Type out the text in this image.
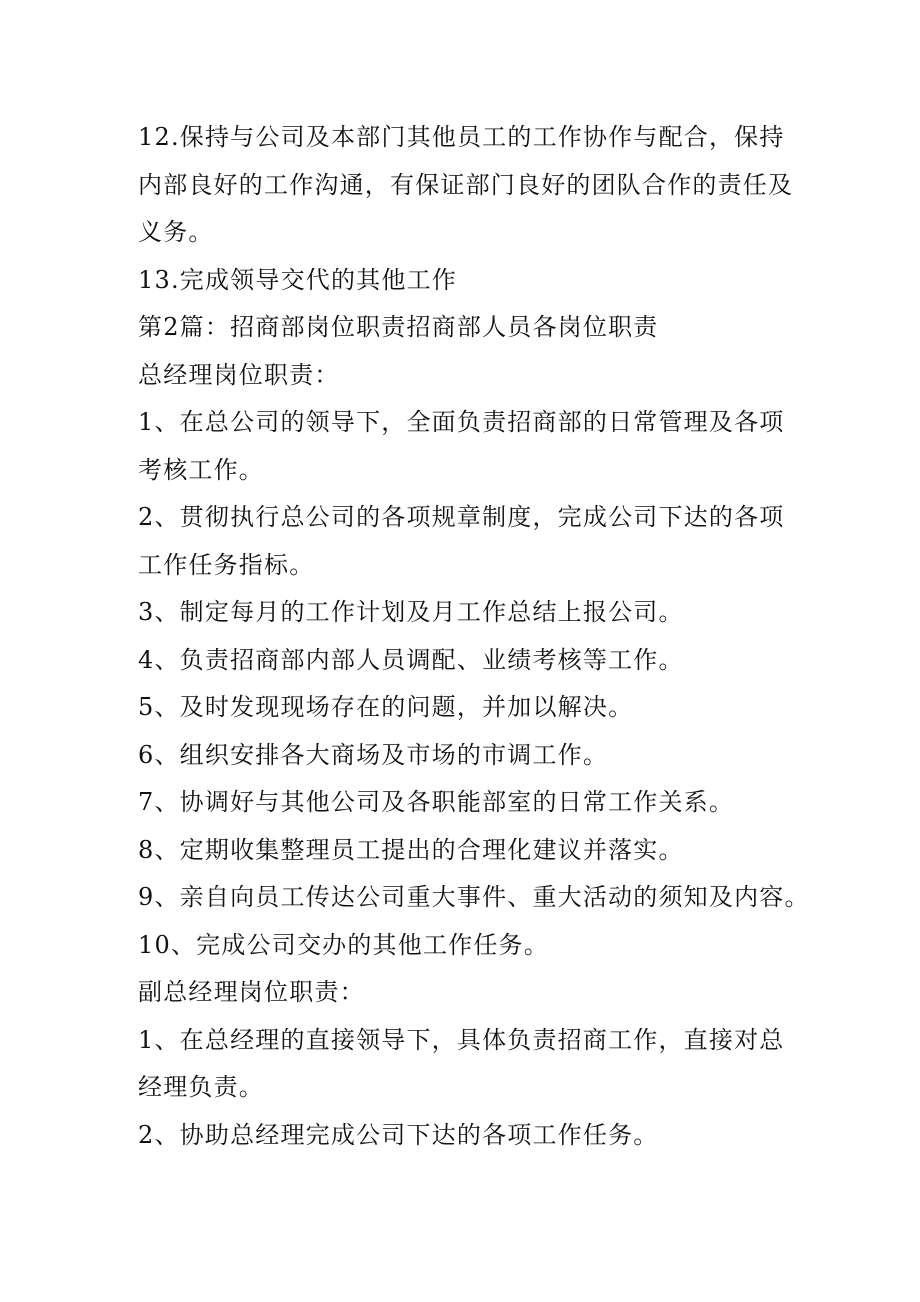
12.保持与公司及本部门其他员工的工作协作与配合，保持
内部良好的工作沟通，有保证部门良好的团队合作的责任及
义务。
13.完成领导交代的其他工作
第2篇：招商部岗位职责招商部人员各岗位职责
总经理岗位职责：
1、在总公司的领导下，全面负责招商部的日常管理及各项
考核工作。
2、贯彻执行总公司的各项规章制度，完成公司下达的各项
工作任务指标。
3、制定每月的工作计划及月工作总结上报公司。
4、负责招商部内部人员调配、业绩考核等工作。
5、及时发现现场存在的问题，并加以解决。
6、组织安排各大商场及市场的市调工作。
7、协调好与其他公司及各职能部室的日常工作关系。
8、定期收集整理员工提出的合理化建议并落实。
9、亲自向员工传达公司重大事件、重大活动的须知及内容。
10、完成公司交办的其他工作任务。
副总经理岗位职责：
1、在总经理的直接领导下，具体负责招商工作，直接对总
经理负责。
2、协助总经理完成公司下达的各项工作任务。
